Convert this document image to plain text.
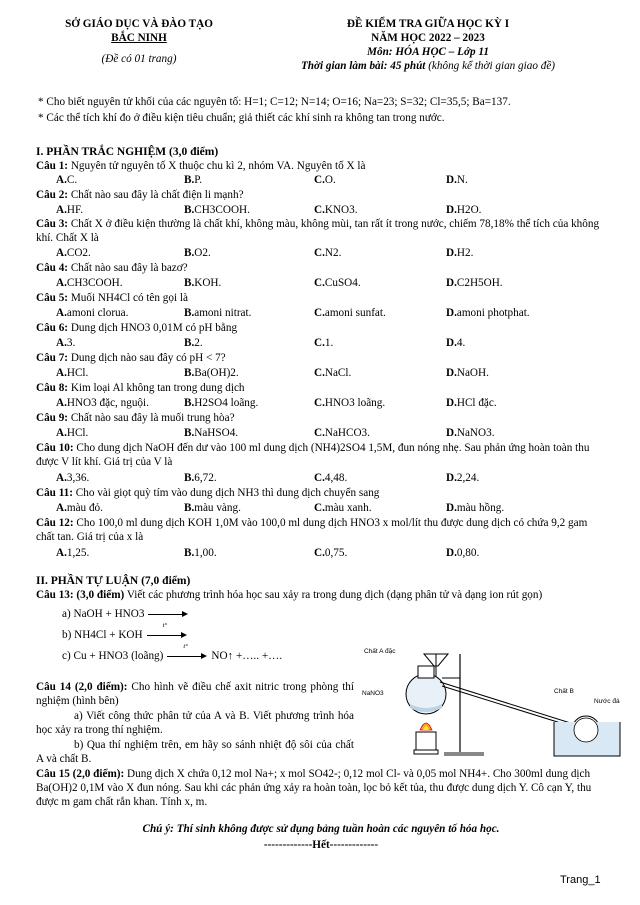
SỞ GIÁO DỤC VÀ ĐÀO TẠO
BẮC NINH
(Đề có 01 trang)
ĐỀ KIỂM TRA GIỮA HỌC KỲ I
NĂM HỌC 2022 – 2023
Môn: HÓA HỌC – Lớp 11
Thời gian làm bài: 45 phút (không kể thời gian giao đề)
* Cho biết nguyên tử khối của các nguyên tố: H=1; C=12; N=14; O=16; Na=23; S=32; Cl=35,5; Ba=137.
* Các thể tích khí đo ở điều kiện tiêu chuẩn; giả thiết các khí sinh ra không tan trong nước.
I. PHẦN TRẮC NGHIỆM (3,0 điểm)
Câu 1: Nguyên tử nguyên tố X thuộc chu kì 2, nhóm VA. Nguyên tố X là
A. C.	B. P.	C. O.	D. N.
Câu 2: Chất nào sau đây là chất điện li mạnh?
A. HF.	B. CH3COOH.	C. KNO3.	D. H2O.
Câu 3: Chất X ở điều kiện thường là chất khí, không màu, không mùi, tan rất ít trong nước, chiếm 78,18% thể tích của không khí. Chất X là
A. CO2.	B. O2.	C. N2.	D. H2.
Câu 4: Chất nào sau đây là bazơ?
A. CH3COOH.	B. KOH.	C. CuSO4.	D. C2H5OH.
Câu 5: Muối NH4Cl có tên gọi là
A. amoni clorua.	B. amoni nitrat.	C. amoni sunfat.	D. amoni photphat.
Câu 6: Dung dịch HNO3 0,01M có pH bằng
A. 3.	B. 2.	C. 1.	D. 4.
Câu 7: Dung dịch nào sau đây có pH < 7?
A. HCl.	B. Ba(OH)2.	C. NaCl.	D. NaOH.
Câu 8: Kim loại Al không tan trong dung dịch
A. HNO3 đặc, nguội.	B. H2SO4 loãng.	C. HNO3 loãng.	D. HCl đặc.
Câu 9: Chất nào sau đây là muối trung hòa?
A. HCl.	B. NaHSO4.	C. NaHCO3.	D. NaNO3.
Câu 10: Cho dung dịch NaOH đến dư vào 100 ml dung dịch (NH4)2SO4 1,5M, đun nóng nhẹ. Sau phản ứng hoàn toàn thu được V lít khí. Giá trị của V là
A. 3,36.	B. 6,72.	C. 4,48.	D. 2,24.
Câu 11: Cho vài giọt quỳ tím vào dung dịch NH3 thì dung dịch chuyển sang
A. màu đỏ.	B. màu vàng.	C. màu xanh.	D. màu hồng.
Câu 12: Cho 100,0 ml dung dịch KOH 1,0M vào 100,0 ml dung dịch HNO3 x mol/lít thu được dung dịch có chứa 9,2 gam chất tan. Giá trị của x là
A. 1,25.	B. 1,00.	C. 0,75.	D. 0,80.
II. PHẦN TỰ LUẬN (7,0 điểm)
Câu 13: (3,0 điểm) Viết các phương trình hóa học sau xảy ra trong dung dịch (dạng phân tử và dạng ion rút gọn)
a) NaOH + HNO3
b) NH4Cl + KOH
t°
c) Cu + HNO3 (loãng)
t°
NO↑ +….. +….
Câu 14 (2,0 điểm): Cho hình vẽ điều chế axit nitric trong phòng thí nghiệm (hình bên)
a) Viết công thức phân tử của A và B. Viết phương trình hóa học xảy ra trong thí nghiệm.
b) Qua thí nghiệm trên, em hãy so sánh nhiệt độ sôi của chất A và chất B.
Chất A đặc
NaNO3	Chất B
Nước đá
Câu 15 (2,0 điểm): Dung dịch X chứa 0,12 mol Na+; x mol SO42-; 0,12 mol Cl- và 0,05 mol NH4+. Cho 300ml dung dịch Ba(OH)2 0,1M vào X đun nóng. Sau khi các phản ứng xảy ra hoàn toàn, lọc bỏ kết tủa, thu được dung dịch Y. Cô cạn Y, thu được m gam chất rắn khan. Tính x, m.
Chú ý: Thí sinh không được sử dụng bảng tuần hoàn các nguyên tố hóa học.
-------------Hết-------------
Trang_1
